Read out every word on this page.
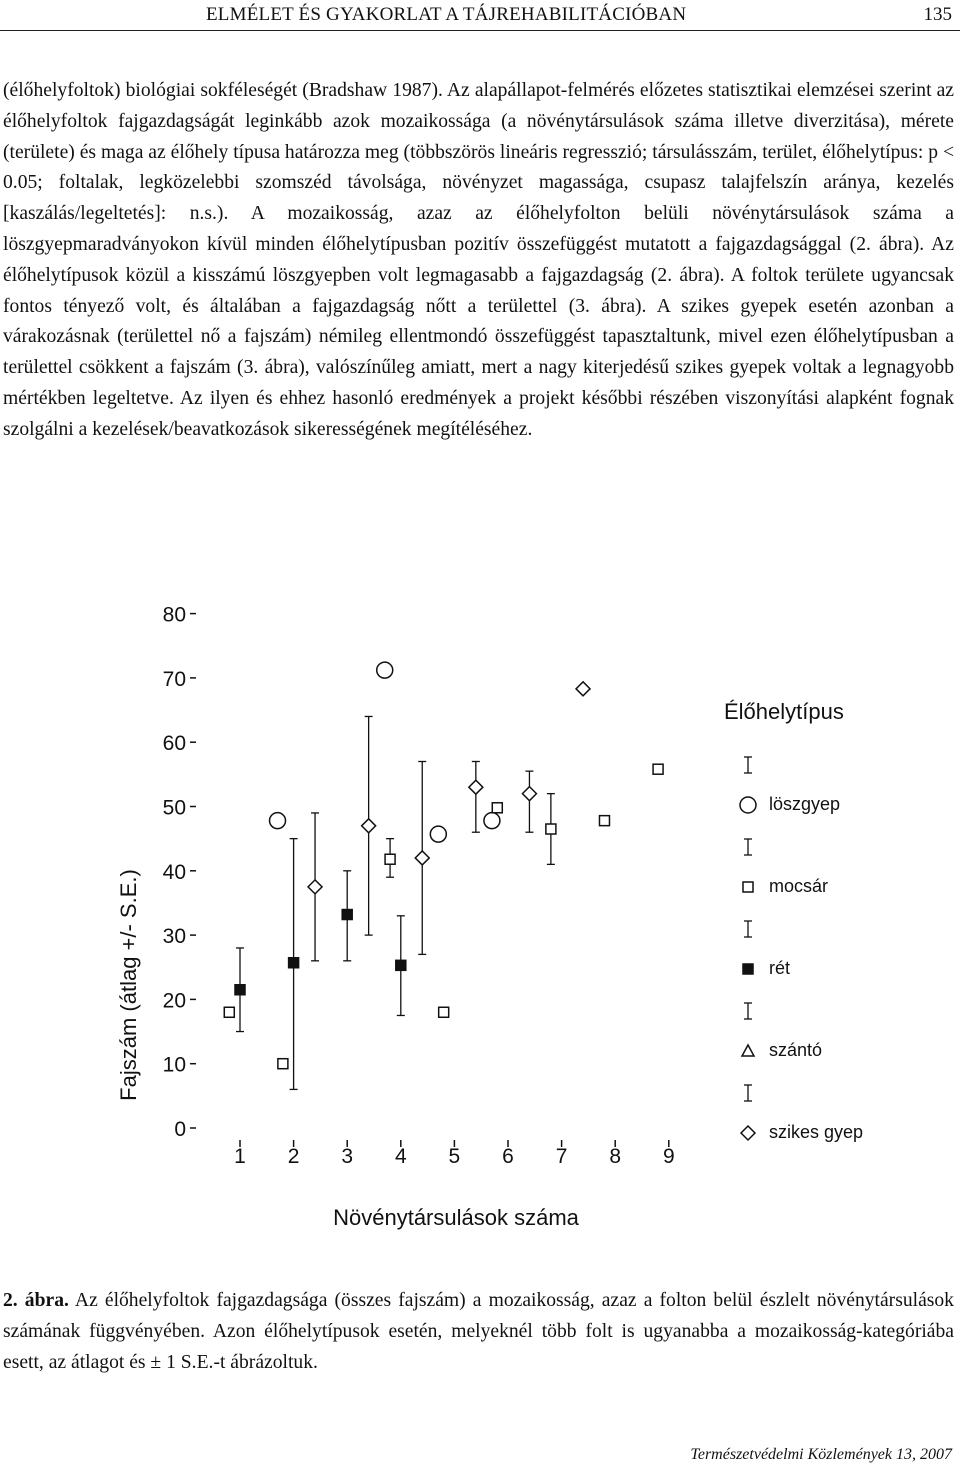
ELMÉLET ÉS GYAKORLAT A TÁJREHABILITÁCIÓBAN	135
(élőhelyfoltok) biológiai sokféleségét (Bradshaw 1987). Az alapállapot-felmérés előzetes statisztikai elemzései szerint az élőhelyfoltok fajgazdagságát leginkább azok mozaikossága (a növénytársulások száma illetve diverzitása), mérete (területe) és maga az élőhely típusa határozza meg (többszörös lineáris regresszió; társulásszám, terület, élőhelytípus: p < 0.05; foltalak, legközelebbi szomszéd távolsága, növényzet magassága, csupasz talajfelszín aránya, kezelés [kaszálás/legeltetés]: n.s.). A mozaikosság, azaz az élőhelyfolton belüli növénytársulások száma a löszgyepmaradványokon kívül minden élőhelytípusban pozitív összefüggést mutatott a fajgazdagsággal (2. ábra). Az élőhelytípusok közül a kisszámú löszgyepben volt legmagasabb a fajgazdagság (2. ábra). A foltok területe ugyancsak fontos tényező volt, és általában a fajgazdagság nőtt a területtel (3. ábra). A szikes gyepek esetén azonban a várakozásnak (területtel nő a fajszám) némileg ellentmondó összefüggést tapasztaltunk, mivel ezen élőhelytípusban a területtel csökkent a fajszám (3. ábra), valószínűleg amiatt, mert a nagy kiterjedésű szikes gyepek voltak a legnagyobb mértékben legeltetve. Az ilyen és ehhez hasonló eredmények a projekt későbbi részében viszonyítási alapként fognak szolgálni a kezelések/beavatkozások sikerességének megítéléséhez.
0
10
20
30
40
50
60
70
80
1 2 3 4 5 6 7 8 9
löszgyep
mocsár
rét
szántó
szikes gyep
Fajszám (átlag +/- S.E.)
Növénytársulások száma
Élőhelytípus
2. ábra. Az élőhelyfoltok fajgazdagsága (összes fajszám) a mozaikosság, azaz a folton belül észlelt növénytársulások számának függvényében. Azon élőhelytípusok esetén, melyeknél több folt is ugyanabba a mozaikosság-kategóriába esett, az átlagot és ± 1 S.E.-t ábrázoltuk.
Természetvédelmi Közlemények 13, 2007
